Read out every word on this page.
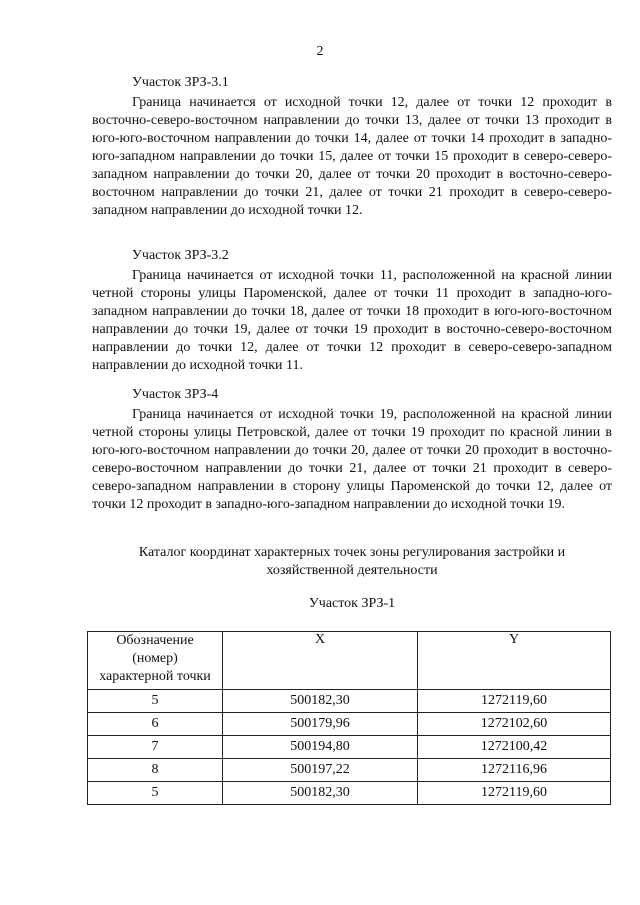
2
Участок ЗРЗ-3.1

Граница начинается от исходной точки 12, далее от точки 12 проходит в восточно-северо-восточном направлении до точки 13, далее от точки 13 проходит в юго-юго-восточном направлении до точки 14, далее от точки 14 проходит в западно-юго-западном направлении до точки 15, далее от точки 15 проходит в северо-северо-западном направлении до точки 20, далее от точки 20 проходит в восточно-северо-восточном направлении до точки 21, далее от точки 21 проходит в северо-северо-западном направлении до исходной точки 12.

Участок ЗРЗ-3.2

Граница начинается от исходной точки 11, расположенной на красной линии четной стороны улицы Пароменской, далее от точки 11 проходит в западно-юго-западном направлении до точки 18, далее от точки 18 проходит в юго-юго-восточном направлении до точки 19, далее от точки 19 проходит в восточно-северо-восточном направлении до точки 12, далее от точки 12 проходит в северо-северо-западном направлении до исходной точки 11.

Участок ЗРЗ-4

Граница начинается от исходной точки 19, расположенной на красной линии четной стороны улицы Петровской, далее от точки 19 проходит по красной линии в юго-юго-восточном направлении до точки 20, далее от точки 20 проходит в восточно-северо-восточном направлении до точки 21, далее от точки 21 проходит в северо-северо-западном направлении в сторону улицы Пароменской до точки 12, далее от точки 12 проходит в западно-юго-западном направлении до исходной точки 19.

Каталог координат характерных точек зоны регулирования застройки и
хозяйственной деятельности
Участок ЗРЗ-1
Обозначение
(номер)
характерной точки	X	Y
5	500182,30	1272119,60
6	500179,96	1272102,60
7	500194,80	1272100,42
8	500197,22	1272116,96
5	500182,30	1272119,60
